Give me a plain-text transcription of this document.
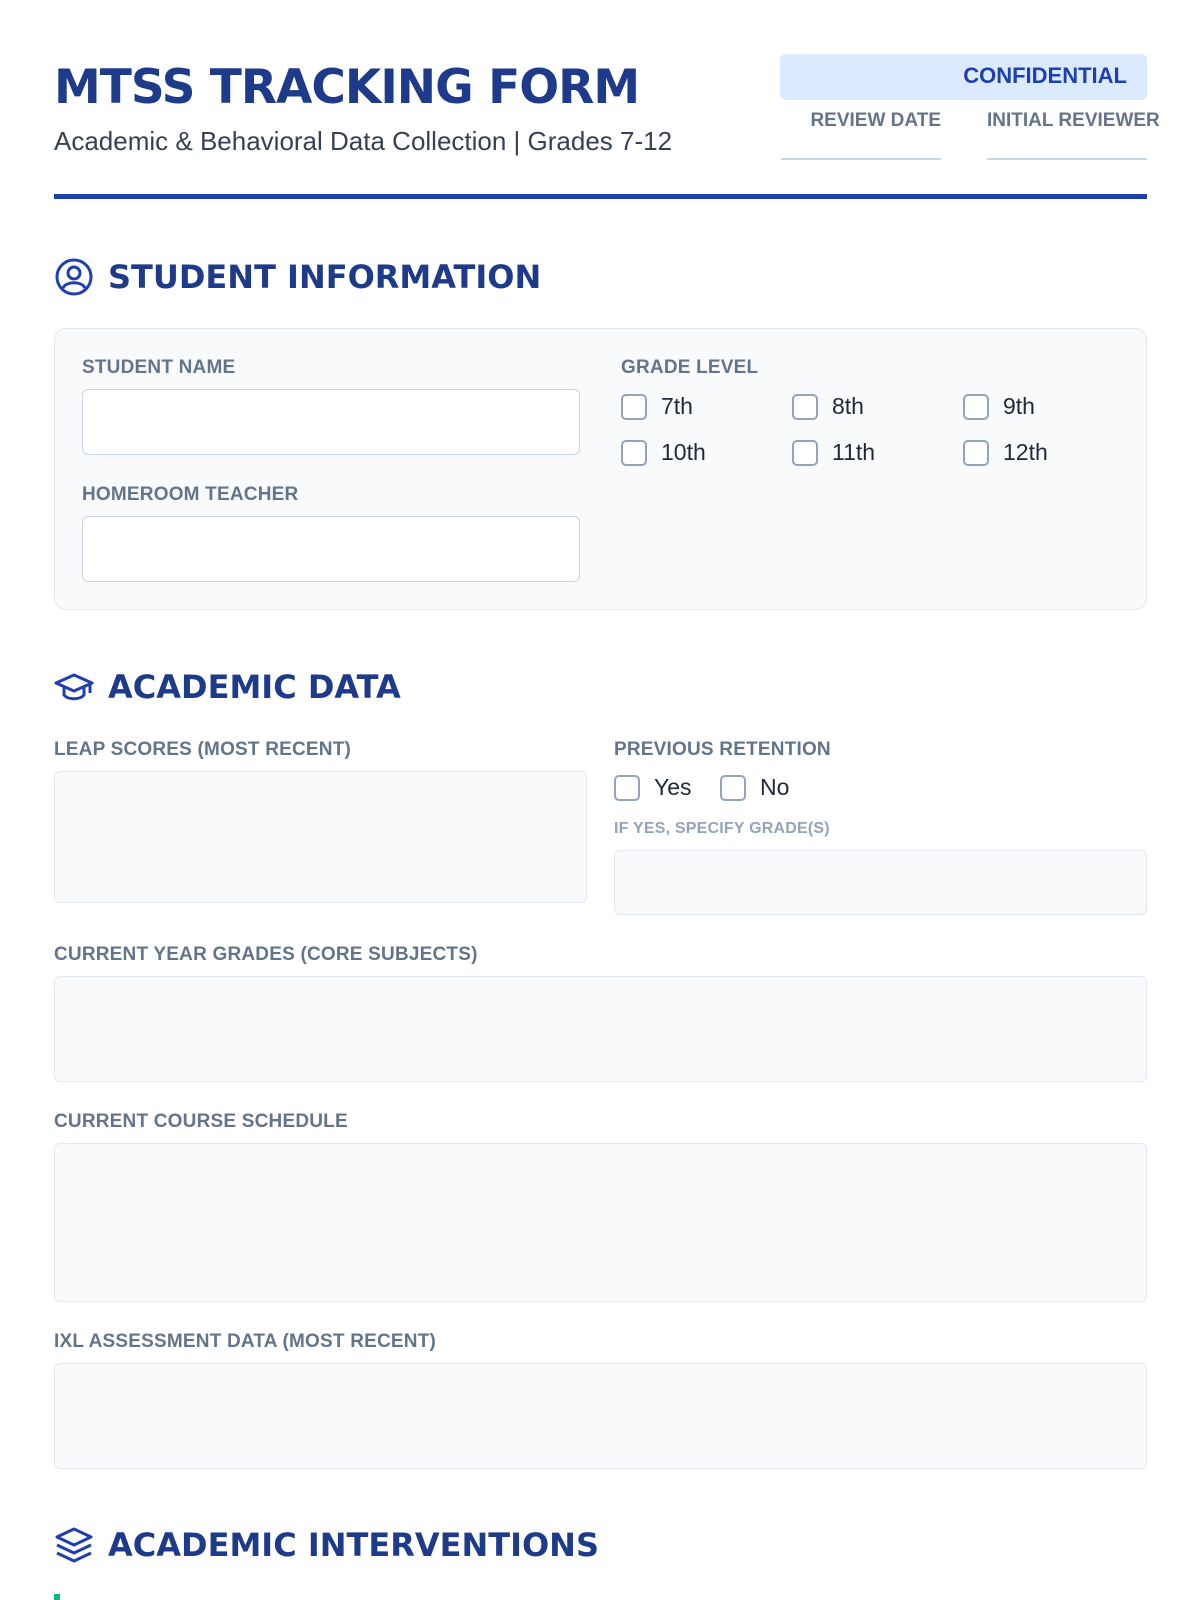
MTSS TRACKING FORM
Academic & Behavioral Data Collection | Grades 7-12
CONFIDENTIAL
REVIEW DATE INITIAL REVIEWER
STUDENT INFORMATION
STUDENT NAME
HOMEROOM TEACHER
GRADE LEVEL
7th	8th	9th
10th	11th	12th
ACADEMIC DATA
LEAP SCORES (MOST RECENT)	PREVIOUS RETENTION
Yes	No
IF YES, SPECIFY GRADE(S)
CURRENT YEAR GRADES (CORE SUBJECTS)
CURRENT COURSE SCHEDULE
IXL ASSESSMENT DATA (MOST RECENT)
ACADEMIC INTERVENTIONS
